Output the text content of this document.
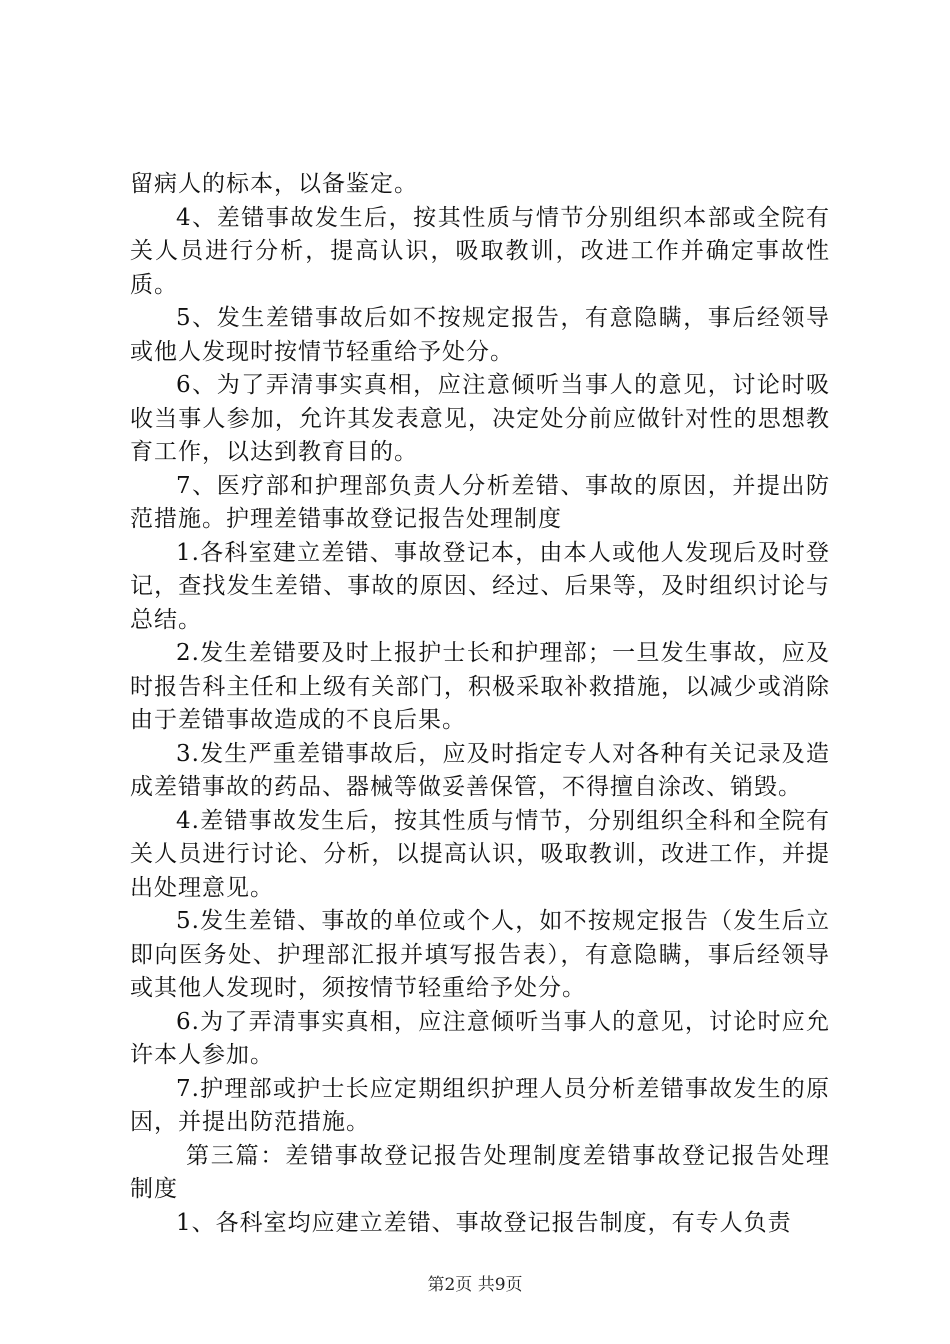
留病人的标本，以备鉴定。

4、差错事故发生后，按其性质与情节分别组织本部或全院有关人员进行分析，提高认识，吸取教训，改进工作并确定事故性质。

5、发生差错事故后如不按规定报告，有意隐瞒，事后经领导或他人发现时按情节轻重给予处分。

6、为了弄清事实真相，应注意倾听当事人的意见，讨论时吸收当事人参加，允许其发表意见，决定处分前应做针对性的思想教育工作，以达到教育目的。

7、医疗部和护理部负责人分析差错、事故的原因，并提出防范措施。护理差错事故登记报告处理制度

1.各科室建立差错、事故登记本，由本人或他人发现后及时登记，查找发生差错、事故的原因、经过、后果等，及时组织讨论与总结。

2.发生差错要及时上报护士长和护理部；一旦发生事故，应及时报告科主任和上级有关部门，积极采取补救措施，以减少或消除由于差错事故造成的不良后果。

3.发生严重差错事故后，应及时指定专人对各种有关记录及造成差错事故的药品、器械等做妥善保管，不得擅自涂改、销毁。

4.差错事故发生后，按其性质与情节，分别组织全科和全院有关人员进行讨论、分析，以提高认识，吸取教训，改进工作，并提出处理意见。

5.发生差错、事故的单位或个人，如不按规定报告（发生后立即向医务处、护理部汇报并填写报告表），有意隐瞒，事后经领导或其他人发现时，须按情节轻重给予处分。

6.为了弄清事实真相，应注意倾听当事人的意见，讨论时应允许本人参加。

7.护理部或护士长应定期组织护理人员分析差错事故发生的原因，并提出防范措施。

第三篇：差错事故登记报告处理制度差错事故登记报告处理制度

1、各科室均应建立差错、事故登记报告制度，有专人负责

第2页 共9页
